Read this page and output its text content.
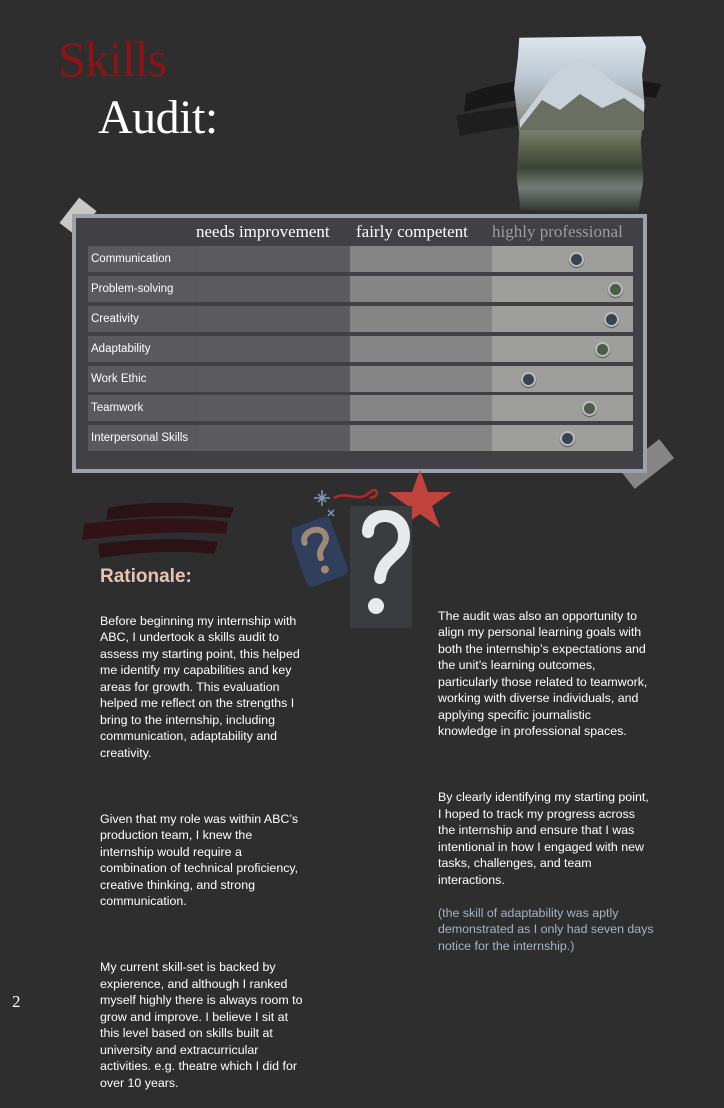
Skills
Audit:
needs improvement fairly competent highly professional
Communication
Problem-solving
Creativity
Adaptability
Work Ethic
Teamwork
Interpersonal Skills
Rationale:

Before beginning my internship with
ABC, I undertook a skills audit to
assess my starting point, this helped
me identify my capabilities and key
areas for growth. This evaluation
helped me reflect on the strengths I
bring to the internship, including
communication, adaptability and
creativity.

Given that my role was within ABC’s
production team, I knew the
internship would require a
combination of technical proficiency,
creative thinking, and strong
communication.

My current skill-set is backed by
expierence, and although I ranked
myself highly there is always room to
grow and improve. I believe I sit at
this level based on skills built at
university and extracurricular
activities. e.g. theatre which I did for
over 10 years.

The audit was also an opportunity to
align my personal learning goals with
both the internship’s expectations and
the unit’s learning outcomes,
particularly those related to teamwork,
working with diverse individuals, and
applying specific journalistic
knowledge in professional spaces.

By clearly identifying my starting point,
I hoped to track my progress across
the internship and ensure that I was
intentional in how I engaged with new
tasks, challenges, and team
interactions.

(the skill of adaptability was aptly
demonstrated as I only had seven days
notice for the internship.)

2
